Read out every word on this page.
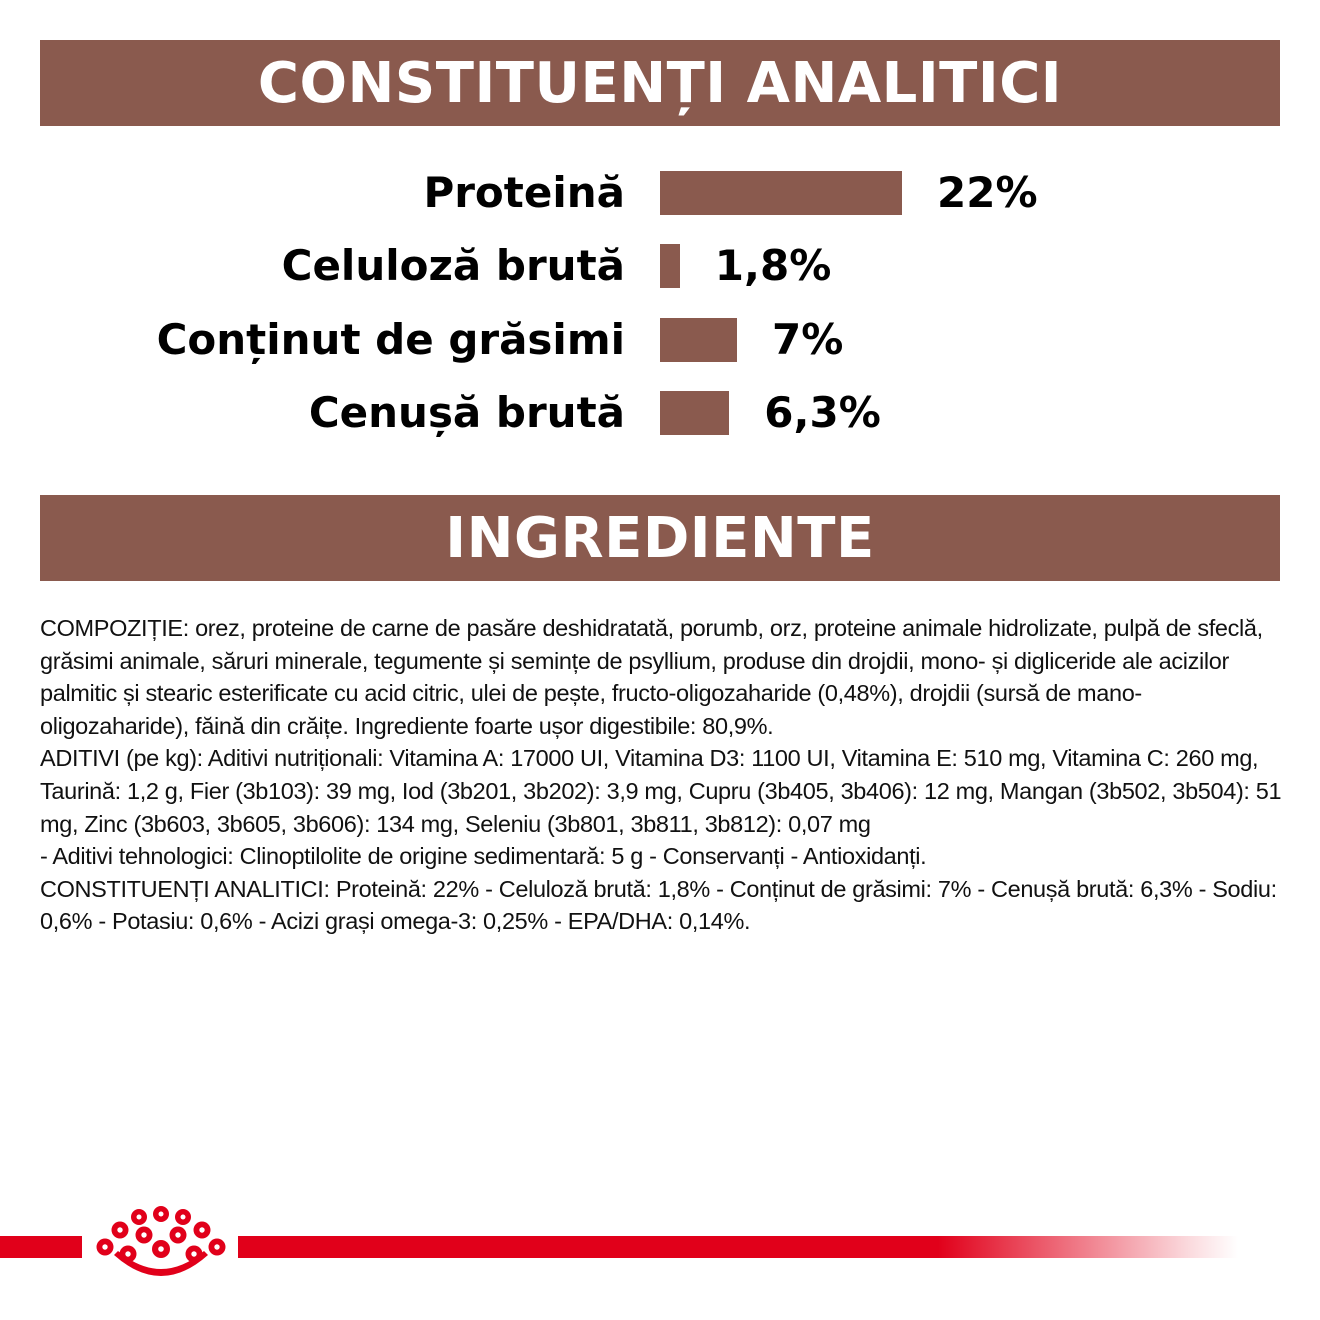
CONSTITUENȚI ANALITICI
Proteină	22%
Celuloză brută 1,8%
Conținut de grăsimi	7%
Cenușă brută	6,3%
INGREDIENTE

COMPOZIȚIE: orez, proteine de carne de pasăre deshidratată, porumb, orz, proteine animale hidrolizate, pulpă de sfeclă, grăsimi animale, săruri minerale, tegumente și semințe de psyllium, produse din drojdii, mono- și digliceride ale acizilor palmitic și stearic esterificate cu acid citric, ulei de pește, fructo-oligozaharide (0,48%), drojdii (sursă de mano-oligozaharide), făină din crăițe. Ingrediente foarte ușor digestibile: 80,9%.

ADITIVI (pe kg): Aditivi nutriționali: Vitamina A: 17000 UI, Vitamina D3: 1100 UI, Vitamina E: 510 mg, Vitamina C: 260 mg, Taurină: 1,2 g, Fier (3b103): 39 mg, Iod (3b201, 3b202): 3,9 mg, Cupru (3b405, 3b406): 12 mg, Mangan (3b502, 3b504): 51 mg, Zinc (3b603, 3b605, 3b606): 134 mg, Seleniu (3b801, 3b811, 3b812): 0,07 mg

- Aditivi tehnologici: Clinoptilolite de origine sedimentară: 5 g - Conservanți - Antioxidanți.

CONSTITUENȚI ANALITICI: Proteină: 22% - Celuloză brută: 1,8% - Conținut de grăsimi: 7% - Cenușă brută: 6,3% - Sodiu: 0,6% - Potasiu: 0,6% - Acizi grași omega-3: 0,25% - EPA/DHA: 0,14%.
